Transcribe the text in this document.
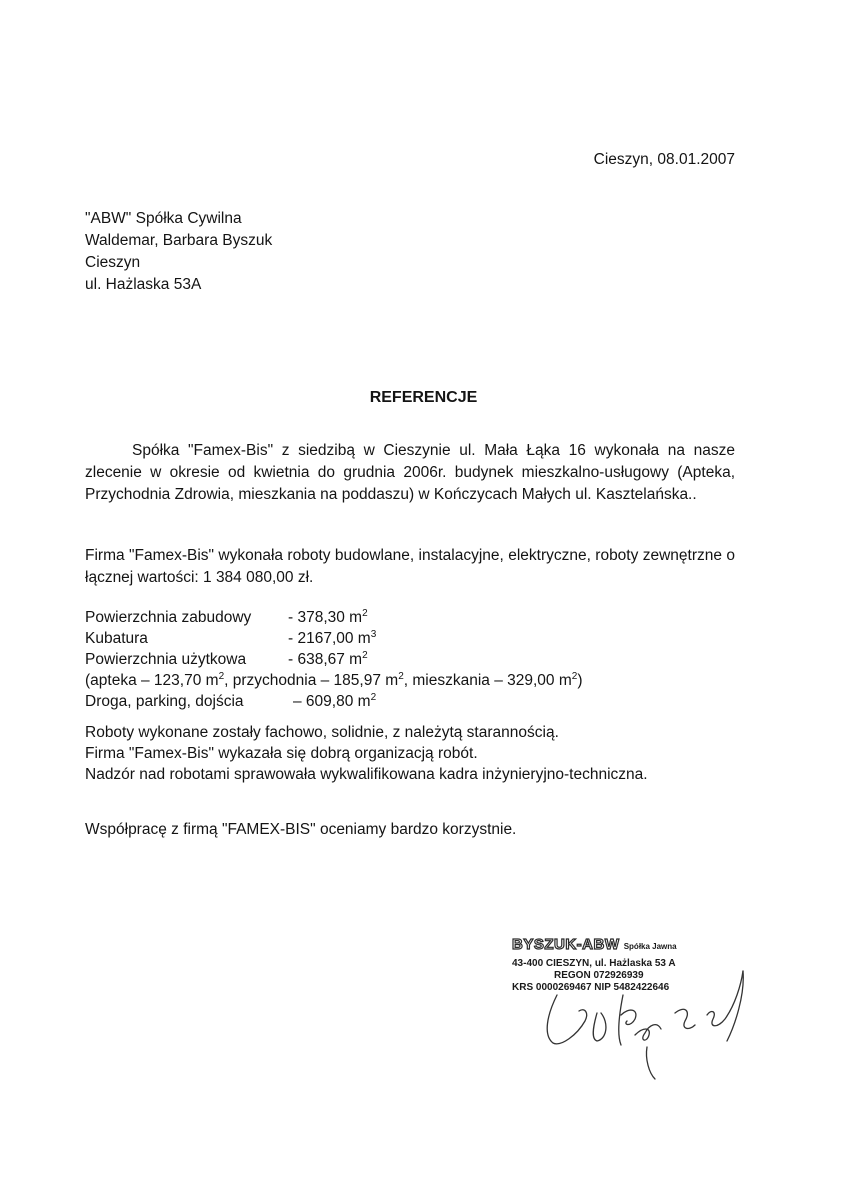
Cieszyn, 08.01.2007
"ABW" Spółka Cywilna
Waldemar, Barbara Byszuk
Cieszyn
ul. Hażlaska 53A
REFERENCJE
Spółka "Famex-Bis" z siedzibą w Cieszynie ul. Mała Łąka 16 wykonała na nasze zlecenie w okresie od kwietnia do grudnia 2006r. budynek mieszkalno-usługowy (Apteka, Przychodnia Zdrowia, mieszkania na poddaszu) w Kończycach Małych ul. Kasztelańska..
Firma "Famex-Bis" wykonała roboty budowlane, instalacyjne, elektryczne, roboty zewnętrzne o łącznej wartości: 1 384 080,00 zł.
Powierzchnia zabudowy - 378,30 $m^2$
Kubatura	- 2167,00 $m^3$
Powierzchnia użytkowa	- 638,67 $m^2$
(apteka – 123,70 $m^2$, przychodnia – 185,97 $m^2$, mieszkania – 329,00 $m^2$)
Droga, parking, dojścia	– 609,80 $m^2$
Roboty wykonane zostały fachowo, solidnie, z należytą starannością.
Firma "Famex-Bis" wykazała się dobrą organizacją robót.
Nadzór nad robotami sprawowała wykwalifikowana kadra inżynieryjno-techniczna.
Współpracę z firmą "FAMEX-BIS" oceniamy bardzo korzystnie.
BYSZUK-ABW Spółka Jawna
43-400 CIESZYN, ul. Hażlaska 53 A
REGON 072926939
KRS 0000269467 NIP 5482422646
